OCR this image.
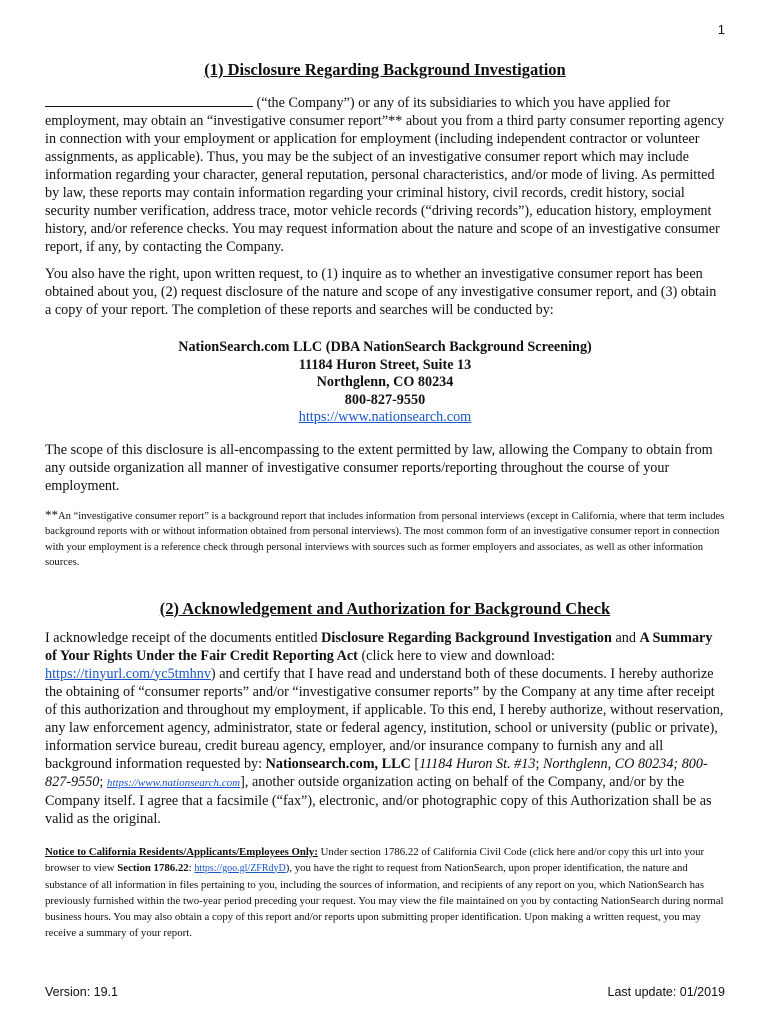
1
(1) Disclosure Regarding Background Investigation

(“the Company”) or any of its subsidiaries to which you have applied for employment, may obtain an “investigative consumer report”** about you from a third party consumer reporting agency in connection with your employment or application for employment (including independent contractor or volunteer assignments, as applicable). Thus, you may be the subject of an investigative consumer report which may include information regarding your character, general reputation, personal characteristics, and/or mode of living. As permitted by law, these reports may contain information regarding your criminal history, civil records, credit history, social security number verification, address trace, motor vehicle records (“driving records”), education history, employment history, and/or reference checks. You may request information about the nature and scope of an investigative consumer report, if any, by contacting the Company.

You also have the right, upon written request, to (1) inquire as to whether an investigative consumer report has been obtained about you, (2) request disclosure of the nature and scope of any investigative consumer report, and (3) obtain a copy of your report. The completion of these reports and searches will be conducted by:

NationSearch.com LLC (DBA NationSearch Background Screening)
11184 Huron Street, Suite 13
Northglenn, CO 80234
800-827-9550
https://www.nationsearch.com

The scope of this disclosure is all-encompassing to the extent permitted by law, allowing the Company to obtain from any outside organization all manner of investigative consumer reports/reporting throughout the course of your employment.

**An “investigative consumer report” is a background report that includes information from personal interviews (except in California, where that term includes background reports with or without information obtained from personal interviews). The most common form of an investigative consumer report in connection with your employment is a reference check through personal interviews with sources such as former employers and associates, as well as other information sources.

(2) Acknowledgement and Authorization for Background Check

I acknowledge receipt of the documents entitled Disclosure Regarding Background Investigation and A Summary of Your Rights Under the Fair Credit Reporting Act (click here to view and download: https://tinyurl.com/yc5tmhnv) and certify that I have read and understand both of these documents. I hereby authorize the obtaining of “consumer reports” and/or “investigative consumer reports” by the Company at any time after receipt of this authorization and throughout my employment, if applicable. To this end, I hereby authorize, without reservation, any law enforcement agency, administrator, state or federal agency, institution, school or university (public or private), information service bureau, credit bureau agency, employer, and/or insurance company to furnish any and all background information requested by: Nationsearch.com, LLC [11184 Huron St. #13; Northglenn, CO 80234; 800-827-9550; https://www.nationsearch.com], another outside organization acting on behalf of the Company, and/or by the Company itself. I agree that a facsimile (“fax”), electronic, and/or photographic copy of this Authorization shall be as valid as the original.

Notice to California Residents/Applicants/Employees Only: Under section 1786.22 of California Civil Code (click here and/or copy this url into your browser to view Section 1786.22: https://goo.gl/ZFRdyD), you have the right to request from NationSearch, upon proper identification, the nature and substance of all information in files pertaining to you, including the sources of information, and recipients of any report on you, which NationSearch has previously furnished within the two-year period preceding your request. You may view the file maintained on you by contacting NationSearch during normal business hours. You may also obtain a copy of this report and/or reports upon submitting proper identification. Upon making a written request, you may receive a summary of your report.

Version: 19.1	Last update: 01/2019
